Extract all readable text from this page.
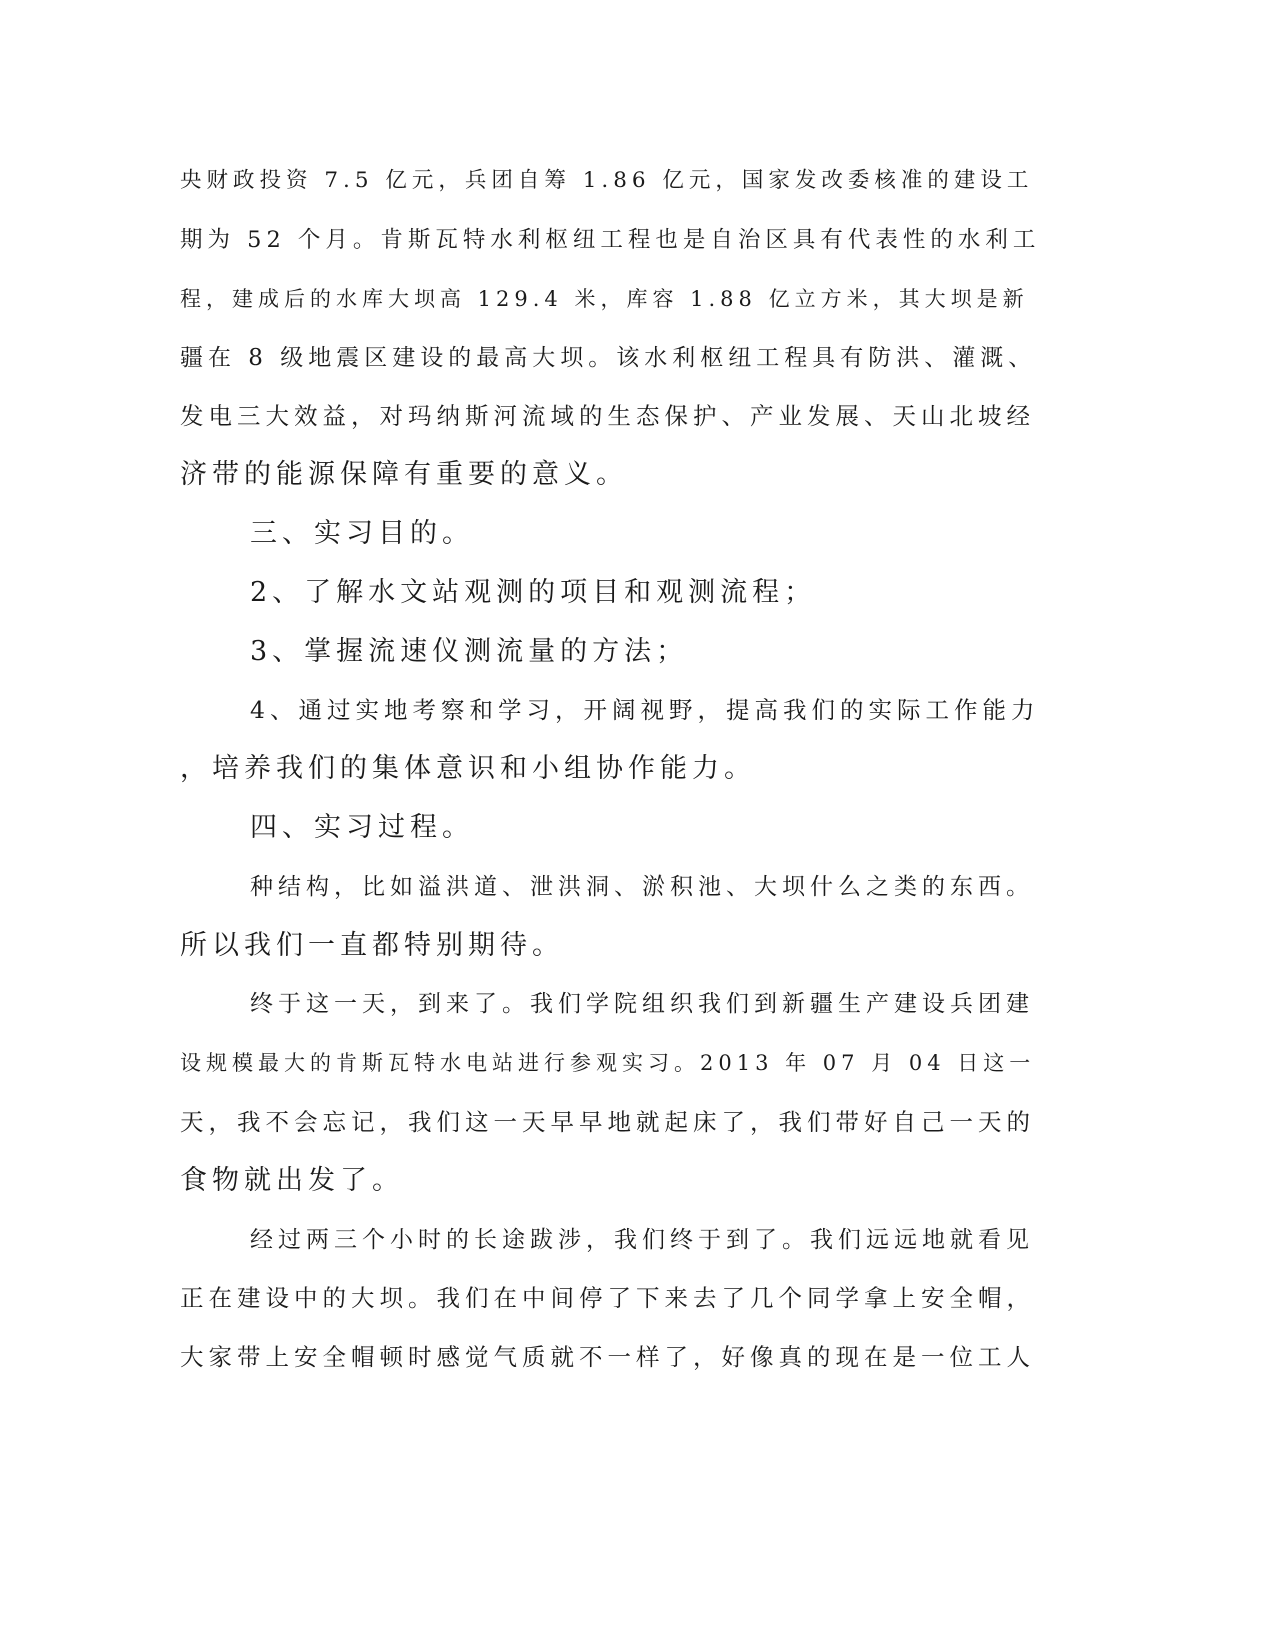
央财政投资 7.5 亿元，兵团自筹 1.86 亿元，国家发改委核准的建设工
期为 52 个月。肯斯瓦特水利枢纽工程也是自治区具有代表性的水利工
程，建成后的水库大坝高 129.4 米，库容 1.88 亿立方米，其大坝是新
疆在 8 级地震区建设的最高大坝。该水利枢纽工程具有防洪、灌溉、
发电三大效益，对玛纳斯河流域的生态保护、产业发展、天山北坡经
济带的能源保障有重要的意义。
三、实习目的。
2、了解水文站观测的项目和观测流程；
3、掌握流速仪测流量的方法；
4、通过实地考察和学习，开阔视野，提高我们的实际工作能力
，培养我们的集体意识和小组协作能力。
四、实习过程。
种结构，比如溢洪道、泄洪洞、淤积池、大坝什么之类的东西。
所以我们一直都特别期待。
终于这一天，到来了。我们学院组织我们到新疆生产建设兵团建
设规模最大的肯斯瓦特水电站进行参观实习。2013 年 07 月 04 日这一
天，我不会忘记，我们这一天早早地就起床了，我们带好自己一天的
食物就出发了。
经过两三个小时的长途跋涉，我们终于到了。我们远远地就看见
正在建设中的大坝。我们在中间停了下来去了几个同学拿上安全帽，
大家带上安全帽顿时感觉气质就不一样了，好像真的现在是一位工人
